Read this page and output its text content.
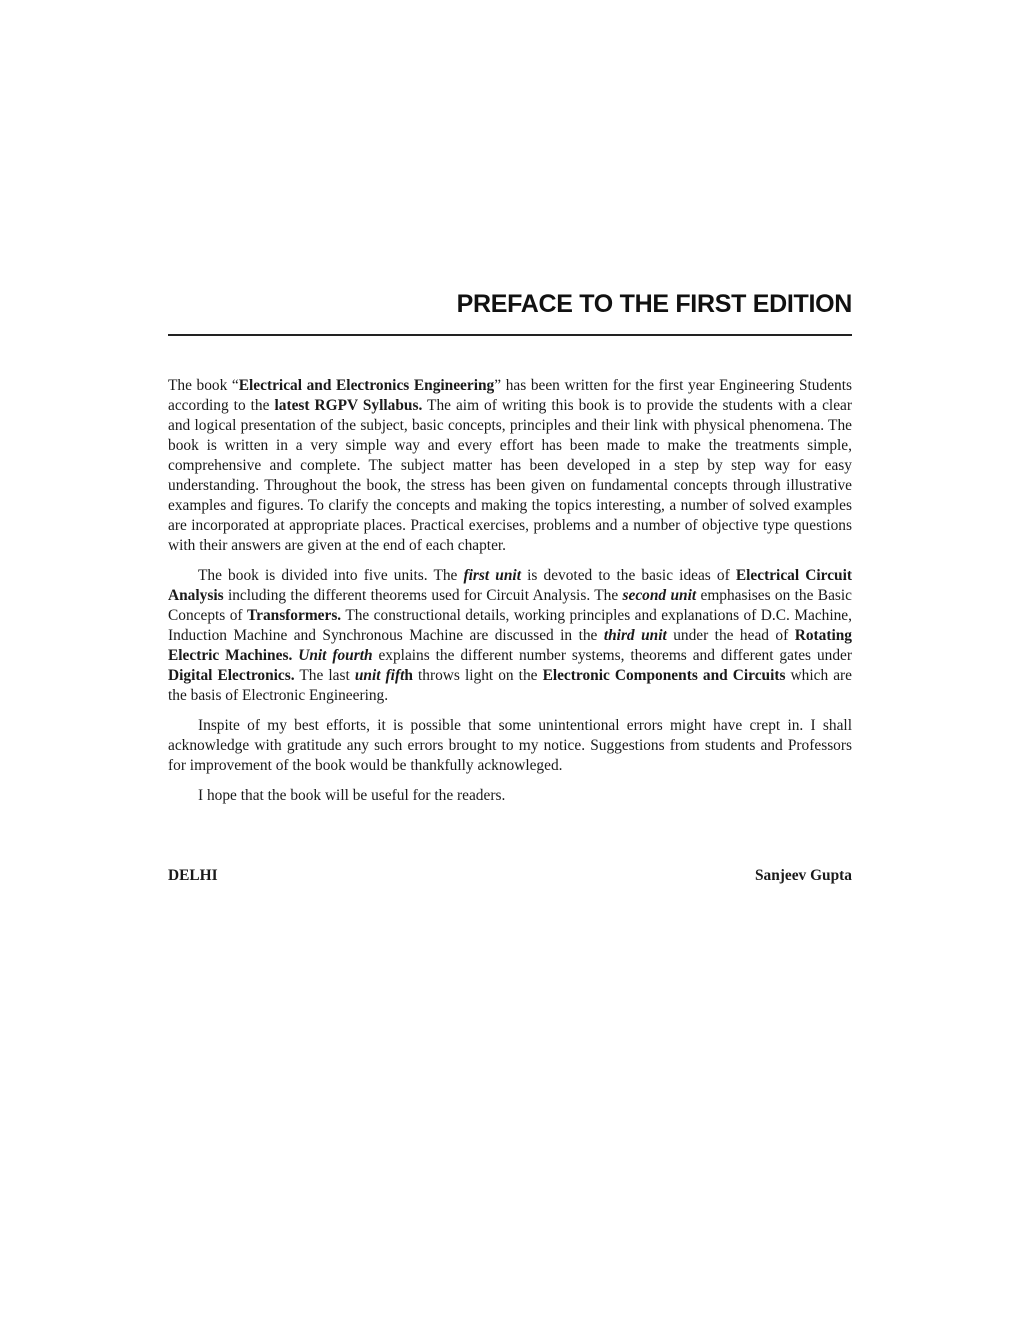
PREFACE TO THE FIRST EDITION

The book “Electrical and Electronics Engineering” has been written for the first year Engineering Students according to the latest RGPV Syllabus. The aim of writing this book is to provide the students with a clear and logical presentation of the subject, basic concepts, principles and their link with physical phenomena. The book is written in a very simple way and every effort has been made to make the treatments simple, comprehensive and complete. The subject matter has been developed in a step by step way for easy understanding. Throughout the book, the stress has been given on fundamental concepts through illustrative examples and figures. To clarify the concepts and making the topics interesting, a number of solved examples are incorporated at appropriate places. Practical exercises, problems and a number of objective type questions with their answers are given at the end of each chapter.

The book is divided into five units. The first unit is devoted to the basic ideas of Electrical Circuit Analysis including the different theorems used for Circuit Analysis. The second unit emphasises on the Basic Concepts of Transformers. The constructional details, working principles and explanations of D.C. Machine, Induction Machine and Synchronous Machine are discussed in the third unit under the head of Rotating Electric Machines. Unit fourth explains the different number systems, theorems and different gates under Digital Electronics. The last unit fifth throws light on the Electronic Components and Circuits which are the basis of Electronic Engineering.

Inspite of my best efforts, it is possible that some unintentional errors might have crept in. I shall acknowledge with gratitude any such errors brought to my notice. Suggestions from students and Professors for improvement of the book would be thankfully acknowleged.

I hope that the book will be useful for the readers.

DELHI	Sanjeev Gupta
